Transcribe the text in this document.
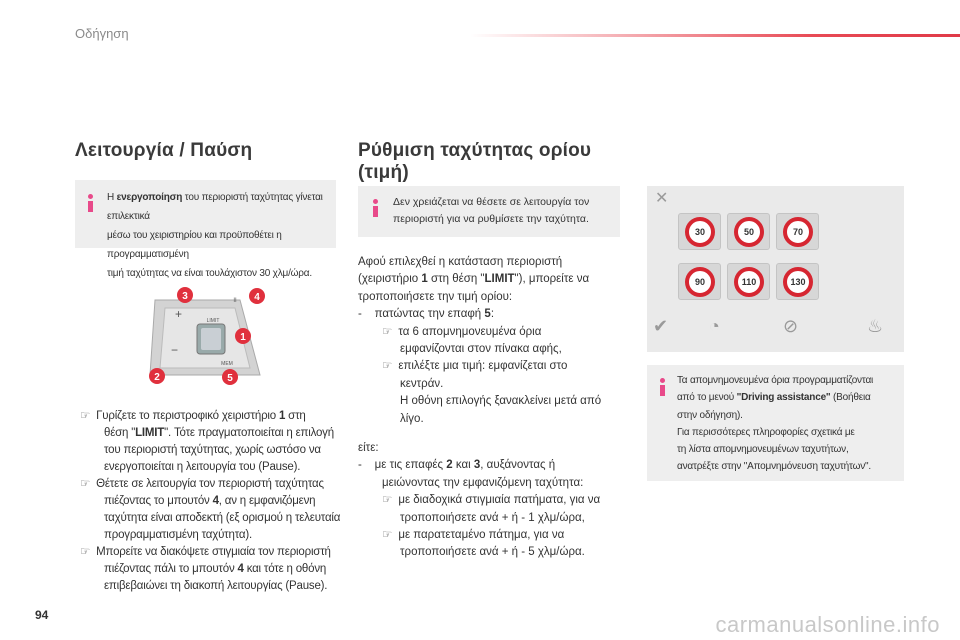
Οδήγηση
Λειτουργία / Παύση
Η ενεργοποίηση του περιοριστή ταχύτητας γίνεται επιλεκτικά
μέσω του χειριστηρίου και προϋποθέτει η προγραμματισμένη
τιμή ταχύτητας να είναι τουλάχιστον 30 χλμ/ώρα.
LIMIT
MEM
II
+
−
3	4
1
2	5
☞ Γυρίζετε το περιστροφικό χειριστήριο 1 στη
θέση "LIMIT". Τότε πραγματοποιείται η επιλογή
του περιοριστή ταχύτητας, χωρίς ωστόσο να
ενεργοποιείται η λειτουργία του (Pause).
☞ Θέτετε σε λειτουργία τον περιοριστή ταχύτητας
πιέζοντας το μπουτόν 4, αν η εμφανιζόμενη
ταχύτητα είναι αποδεκτή (εξ ορισμού η τελευταία
προγραμματισμένη ταχύτητα).
☞ Μπορείτε να διακόψετε στιγμιαία τον περιοριστή
πιέζοντας πάλι το μπουτόν 4 και τότε η οθόνη
επιβεβαιώνει τη διακοπή λειτουργίας (Pause).
Ρύθμιση ταχύτητας ορίου
(τιμή)
Δεν χρειάζεται να θέσετε σε λειτουργία τον
περιοριστή για να ρυθμίσετε την ταχύτητα.
Αφού επιλεχθεί η κατάσταση περιοριστή
(χειριστήριο 1 στη θέση "LIMIT"), μπορείτε να
τροποποιήσετε την τιμή ορίου:
-    πατώντας την επαφή 5:
☞ τα 6 απομνημονευμένα όρια
εμφανίζονται στον πίνακα αφής,
☞ επιλέξτε μια τιμή: εμφανίζεται στο
κεντράν.
Η οθόνη επιλογής ξανακλείνει μετά από
λίγο.
είτε:
-    με τις επαφές 2 και 3, αυξάνοντας ή
μειώνοντας την εμφανιζόμενη ταχύτητα:
☞ με διαδοχικά στιγμιαία πατήματα, για να
τροποποιήσετε ανά + ή - 1 χλμ/ώρα,
☞ με παρατεταμένο πάτημα, για να
τροποποιήσετε ανά + ή - 5 χλμ/ώρα.
✕
30	50	70
90	110	130
✔ ◔	⊘	♨
Τα απομνημονευμένα όρια προγραμματίζονται
από το μενού "Driving assistance" (Βοήθεια
στην οδήγηση).
Για περισσότερες πληροφορίες σχετικά με
τη λίστα απομνημονευμένων ταχυτήτων,
ανατρέξτε στην "Απομνημόνευση ταχυτήτων".
94	carmanualsonline.info
